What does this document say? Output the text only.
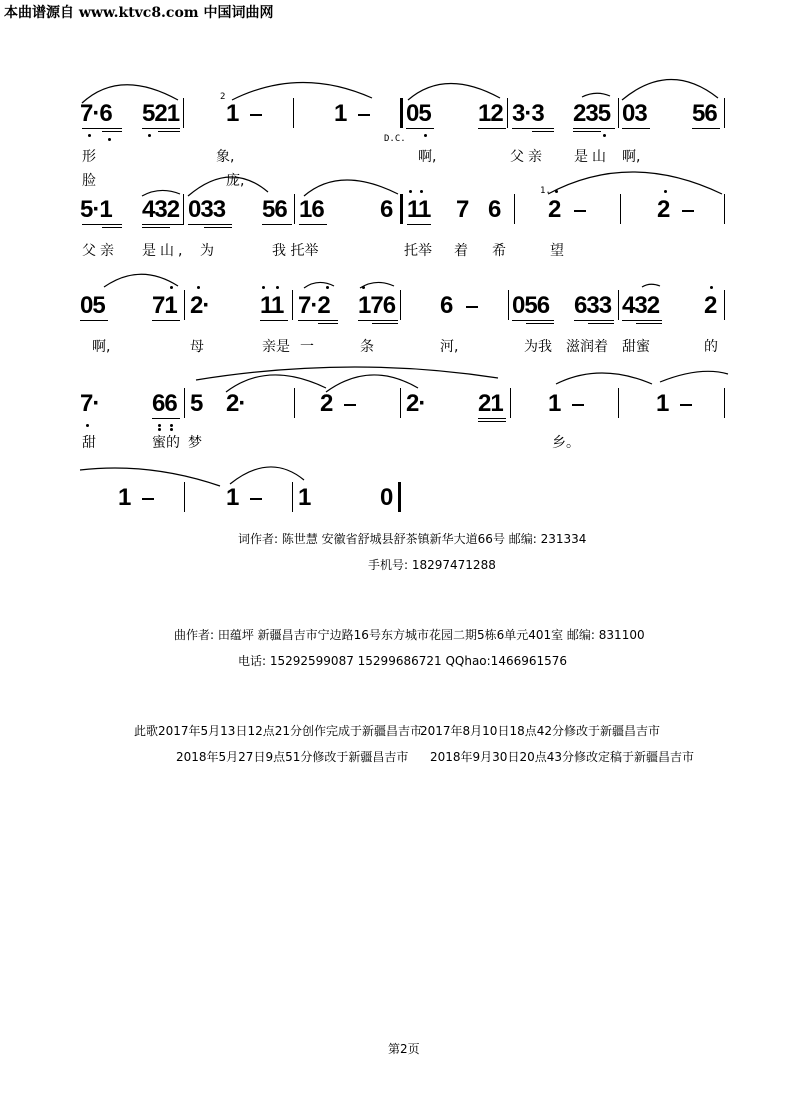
本曲谱源自 www.ktvc8.com 中国词曲网
7·6 521
2
1	1 05
D.C.
12 3·3 235 03 56
形	象,	啊,	父亲 是山 啊,
脸	庞,
5·1 432 033 56 16 6 11 7 6
1.
2	2
父亲 是山, 为	我 托举	托举 着 希	望
05 71 2· 11 7·2 176 6 056 633 432 2
啊,	母	亲是 一	条	河,	为我 滋润着 甜蜜	的
7· 66 5 2·	2	2· 21 1	1
甜	蜜的 梦	乡。
1	1 1	0
词作者: 陈世慧 安徽省舒城县舒茶镇新华大道66号 邮编: 231334
手机号: 18297471288
曲作者: 田蕴坪 新疆昌吉市宁边路16号东方城市花园二期5栋6单元401室 邮编: 831100
电话: 15292599087 15299686721 QQhao:1466961576
此歌2017年5月13日12点21分创作完成于新疆昌吉市
2017年8月10日18点42分修改于新疆昌吉市
2018年5月27日9点51分修改于新疆昌吉市 2018年9月30日20点43分修改定稿于新疆昌吉市
第2页
